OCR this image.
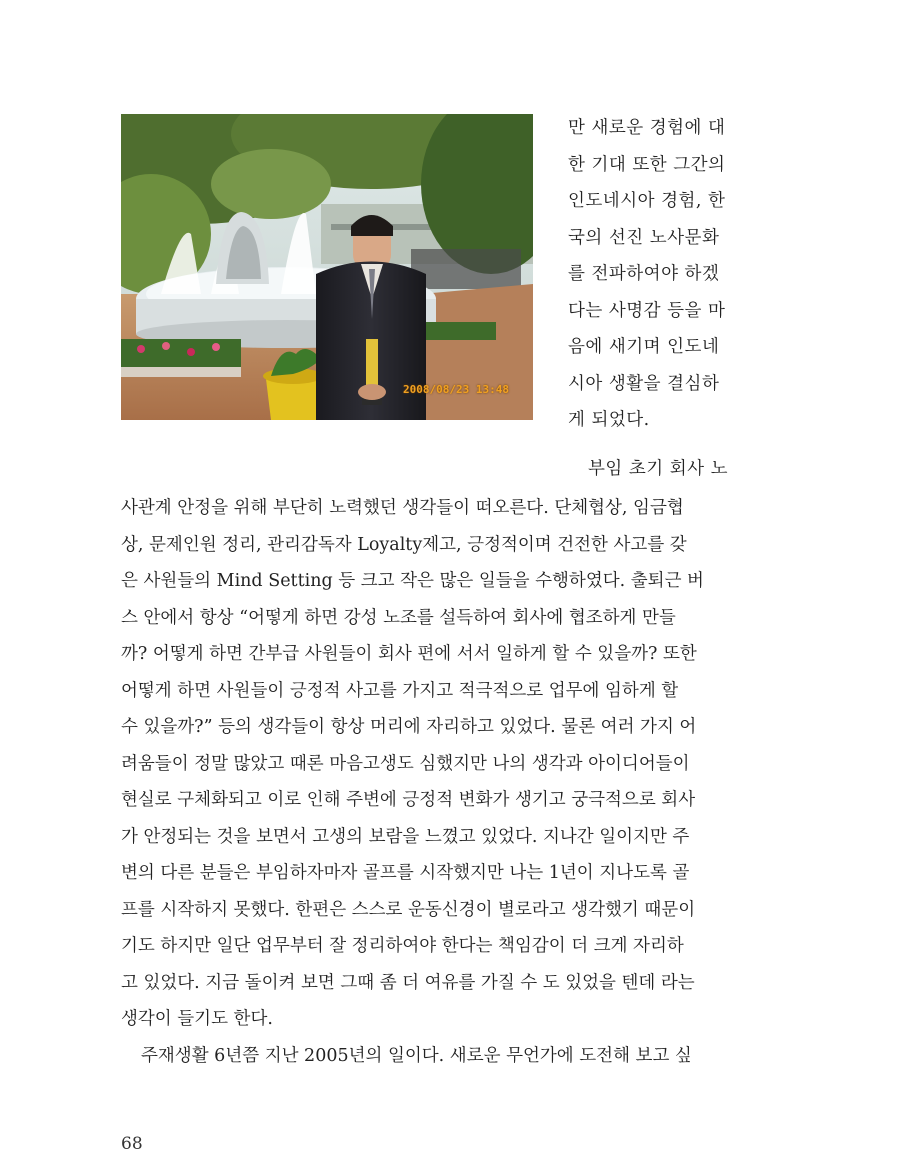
2008/08/23 13:48
만 새로운 경험에 대
한 기대 또한 그간의
인도네시아 경험, 한
국의 선진 노사문화
를 전파하여야 하겠
다는 사명감 등을 마
음에 새기며 인도네
시아 생활을 결심하
게 되었다.
부임 초기 회사 노
사관계 안정을 위해 부단히 노력했던 생각들이 떠오른다. 단체협상, 임금협
상, 문제인원 정리, 관리감독자 Loyalty제고, 긍정적이며 건전한 사고를 갖
은 사원들의 Mind Setting 등 크고 작은 많은 일들을 수행하였다. 출퇴근 버
스 안에서 항상 “어떻게 하면 강성 노조를 설득하여 회사에 협조하게 만들
까? 어떻게 하면 간부급 사원들이 회사 편에 서서 일하게 할 수 있을까? 또한
어떻게 하면 사원들이 긍정적 사고를 가지고 적극적으로 업무에 임하게 할
수 있을까?” 등의 생각들이 항상 머리에 자리하고 있었다. 물론 여러 가지 어
려움들이 정말 많았고 때론 마음고생도 심했지만 나의 생각과 아이디어들이
현실로 구체화되고 이로 인해 주변에 긍정적 변화가 생기고 궁극적으로 회사
가 안정되는 것을 보면서 고생의 보람을 느꼈고 있었다. 지나간 일이지만 주
변의 다른 분들은 부임하자마자 골프를 시작했지만 나는 1년이 지나도록 골
프를 시작하지 못했다. 한편은 스스로 운동신경이 별로라고 생각했기 때문이
기도 하지만 일단 업무부터 잘 정리하여야 한다는 책임감이 더 크게 자리하
고 있었다. 지금 돌이켜 보면 그때 좀 더 여유를 가질 수 도 있었을 텐데 라는
생각이 들기도 한다.
주재생활 6년쯤 지난 2005년의 일이다. 새로운 무언가에 도전해 보고 싶
68
